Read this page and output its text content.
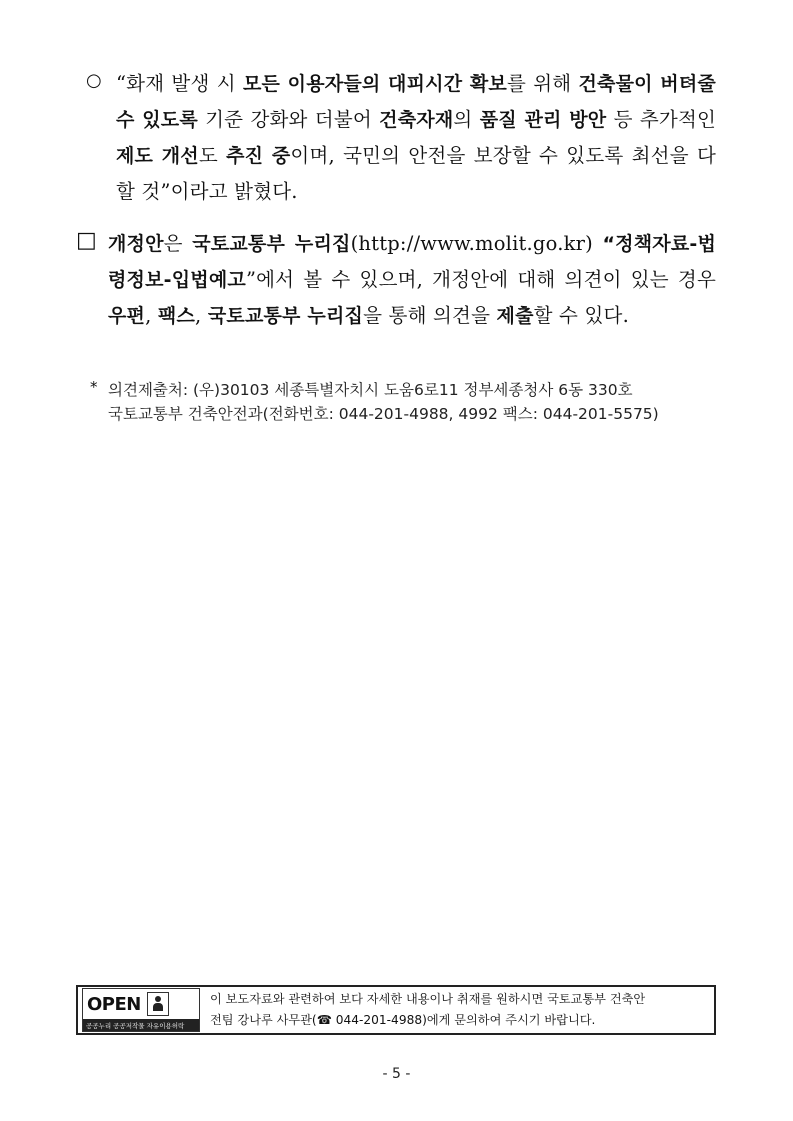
○ “화재 발생 시 모든 이용자들의 대피시간 확보를 위해 건축물이 버텨줄 수 있도록 기준 강화와 더불어 건축자재의 품질 관리 방안 등 추가적인 제도 개선도 추진 중이며, 국민의 안전을 보장할 수 있도록 최선을 다 할 것”이라고 밝혔다.
□ 개정안은 국토교통부 누리집(http://www.molit.go.kr) “정책자료-법령정보-입법예고”에서 볼 수 있으며, 개정안에 대해 의견이 있는 경우 우편, 팩스, 국토교통부 누리집을 통해 의견을 제출할 수 있다.
* 의견제출처: (우)30103 세종특별자치시 도움6로11 정부세종청사 6동 330호
국토교통부 건축안전과(전화번호: 044-201-4988, 4992 팩스: 044-201-5575)
OPEN
공공누리 공공저작물 자유이용허락
이 보도자료와 관련하여 보다 자세한 내용이나 취재를 원하시면 국토교통부 건축안
전팀 강나루 사무관(☎ 044-201-4988)에게 문의하여 주시기 바랍니다.
- 5 -
